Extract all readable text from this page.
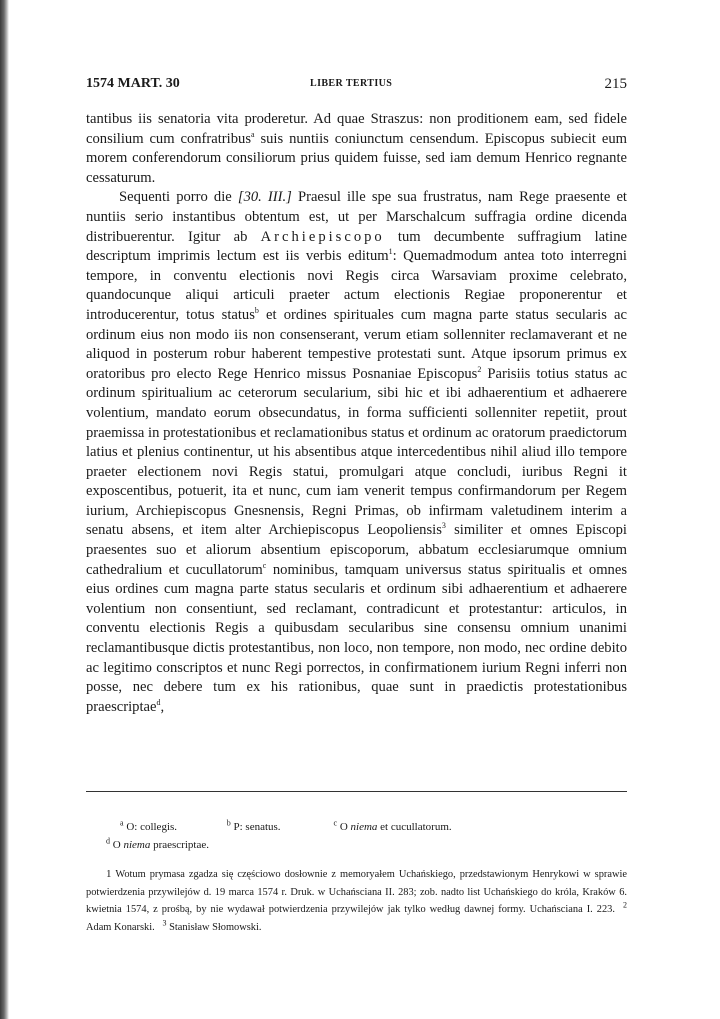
1574 MART. 30	LIBER TERTIUS	215

tantibus iis senatoria vita proderetur. Ad quae Straszus: non proditionem eam, sed fidele consilium cum confratribus$^a$ suis nuntiis coniunctum censendum. Episcopus subiecit eum morem conferendorum consiliorum prius quidem fuisse, sed iam demum Henrico regnante cessaturum.

Sequenti porro die [30. III.] Praesul ille spe sua frustratus, nam Rege praesente et nuntiis serio instantibus obtentum est, ut per Marschalcum suffragia ordine dicenda distribuerentur. Igitur ab Archiepiscopo tum decumbente suffragium latine descriptum imprimis lectum est iis verbis editum$^1$: Quemadmodum antea toto interregni tempore, in conventu electionis novi Regis circa Warsaviam proxime celebrato, quandocunque aliqui articuli praeter actum electionis Regiae proponerentur et introducerentur, totus status$^b$ et ordines spirituales cum magna parte status secularis ac ordinum eius non modo iis non consenserant, verum etiam sollenniter reclamaverant et ne aliquod in posterum robur haberent tempestive protestati sunt. Atque ipsorum primus ex oratoribus pro electo Rege Henrico missus Posnaniae Episcopus$^2$ Parisiis totius status ac ordinum spiritualium ac ceterorum secularium, sibi hic et ibi adhaerentium et adhaerere volentium, mandato eorum obsecundatus, in forma sufficienti sollenniter repetiit, prout praemissa in protestationibus et reclamationibus status et ordinum ac oratorum praedictorum latius et plenius continentur, ut his absentibus atque intercedentibus nihil aliud illo tempore praeter electionem novi Regis statui, promulgari atque concludi, iuribus Regni it exposcentibus, potuerit, ita et nunc, cum iam venerit tempus confirmandorum per Regem iurium, Archiepiscopus Gnesnensis, Regni Primas, ob infirmam valetudinem interim a senatu absens, et item alter Archiepiscopus Leopoliensis$^3$ similiter et omnes Episcopi praesentes suo et aliorum absentium episcoporum, abbatum ecclesiarumque omnium cathedralium et cucullatorum$^c$ nominibus, tamquam universus status spiritualis et omnes eius ordines cum magna parte status secularis et ordinum sibi adhaerentium et adhaerere volentium non consentiunt, sed reclamant, contradicunt et protestantur: articulos, in conventu electionis Regis a quibusdam secularibus sine consensu omnium unanimi reclamantibusque dictis protestantibus, non loco, non tempore, non modo, nec ordine debito ac legitimo conscriptos et nunc Regi porrectos, in confirmationem iurium Regni inferri non posse, nec debere tum ex his rationibus, quae sunt in praedictis protestationibus praescriptae$^d$,

$^a$ O: collegis.	$^b$ P: senatus.	$^c$ O niema et cucullatorum.
$^d$ O niema praescriptae.

1 Wotum prymasa zgadza się częściowo dosłownie z memoryałem Uchańskiego, przedstawionym Henrykowi w sprawie potwierdzenia przywilejów d. 19 marca 1574 r. Druk. w Uchańsciana II. 283; zob. nadto list Uchańskiego do króla, Kraków 6. kwietnia 1574, z prośbą, by nie wydawał potwierdzenia przywilejów jak tylko według dawnej formy. Uchańsciana I. 223. $^2$ Adam Konarski. $^3$ Stanisław Słomowski.
